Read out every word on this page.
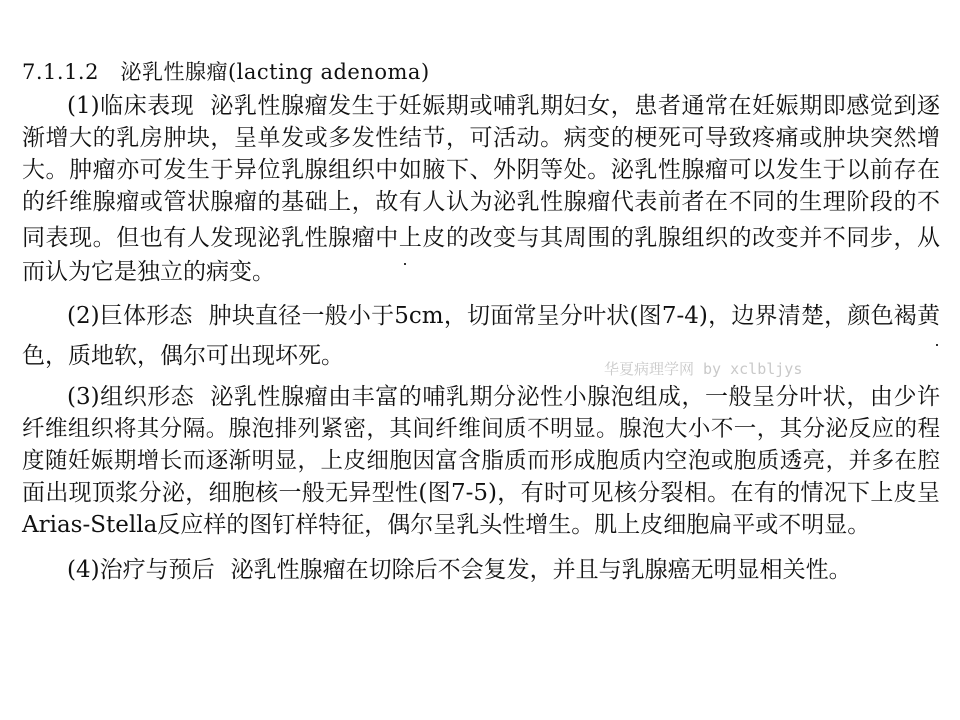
7.1.1.2　泌乳性腺瘤(lacting adenoma)
(1)临床表现 泌乳性腺瘤发生于妊娠期或哺乳期妇女，患者通常在妊娠期即感觉到逐
渐增大的乳房肿块，呈单发或多发性结节，可活动。病变的梗死可导致疼痛或肿块突然增
大。肿瘤亦可发生于异位乳腺组织中如腋下、外阴等处。泌乳性腺瘤可以发生于以前存在
的纤维腺瘤或管状腺瘤的基础上，故有人认为泌乳性腺瘤代表前者在不同的生理阶段的不
同表现。但也有人发现泌乳性腺瘤中上皮的改变与其周围的乳腺组织的改变并不同步，从
而认为它是独立的病变。
(2)巨体形态 肿块直径一般小于5cm，切面常呈分叶状(图7-4)，边界清楚，颜色褐黄
色，质地软，偶尔可出现坏死。
(3)组织形态 泌乳性腺瘤由丰富的哺乳期分泌性小腺泡组成，一般呈分叶状，由少许
纤维组织将其分隔。腺泡排列紧密，其间纤维间质不明显。腺泡大小不一，其分泌反应的程
度随妊娠期增长而逐渐明显，上皮细胞因富含脂质而形成胞质内空泡或胞质透亮，并多在腔
面出现顶浆分泌，细胞核一般无异型性(图7-5)，有时可见核分裂相。在有的情况下上皮呈
Arias-Stella反应样的图钉样特征，偶尔呈乳头性增生。肌上皮细胞扁平或不明显。
(4)治疗与预后 泌乳性腺瘤在切除后不会复发，并且与乳腺癌无明显相关性。
华夏病理学网 by xclbljys
